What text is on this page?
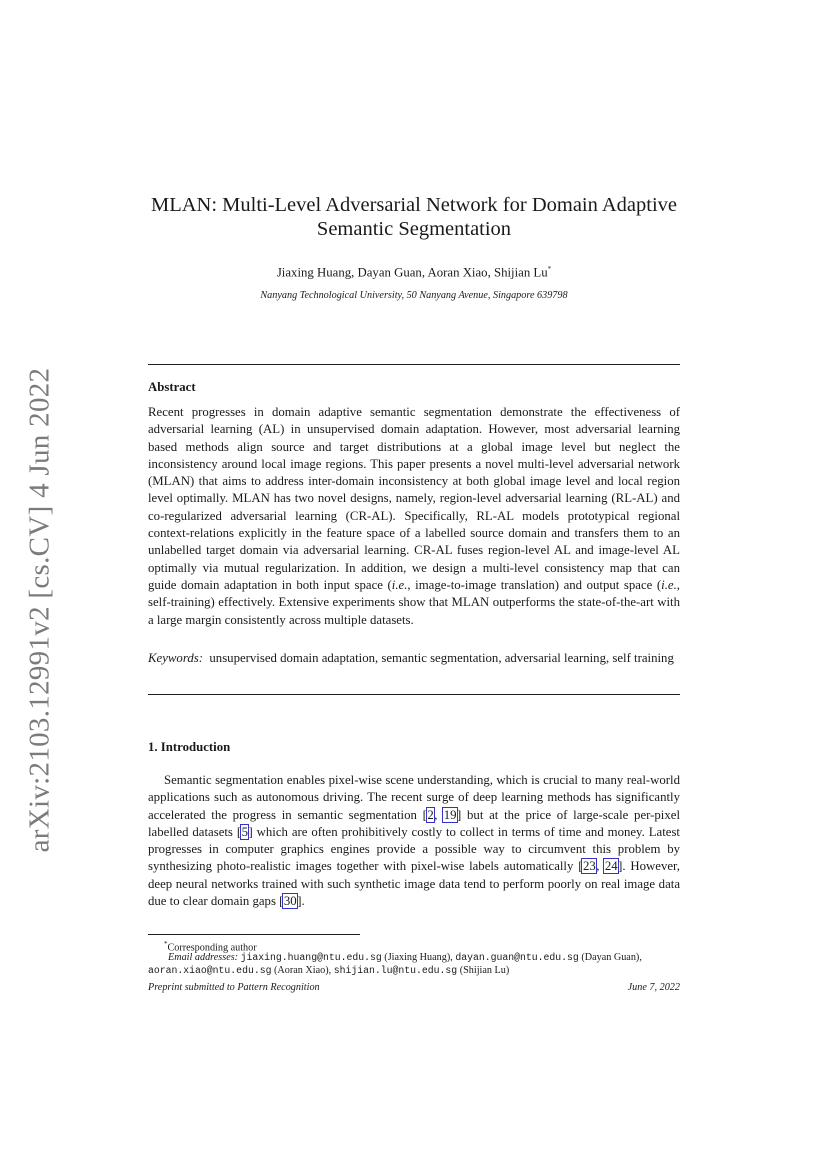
arXiv:2103.12991v2 [cs.CV] 4 Jun 2022
MLAN: Multi-Level Adversarial Network for Domain Adaptive
Semantic Segmentation
Jiaxing Huang, Dayan Guan, Aoran Xiao, Shijian Lu*
Nanyang Technological University, 50 Nanyang Avenue, Singapore 639798
Abstract
Recent progresses in domain adaptive semantic segmentation demonstrate the effectiveness of adversarial learning (AL) in unsupervised domain adaptation. However, most adversarial learning based methods align source and target distributions at a global image level but neglect the inconsistency around local image regions. This paper presents a novel multi-level adversarial network (MLAN) that aims to address inter-domain inconsistency at both global image level and local region level optimally. MLAN has two novel designs, namely, region-level adversarial learning (RL-AL) and co-regularized adversarial learning (CR-AL). Specifically, RL-AL models prototypical regional context-relations explicitly in the feature space of a labelled source domain and transfers them to an unlabelled target domain via adversarial learning. CR-AL fuses region-level AL and image-level AL optimally via mutual regularization. In addition, we design a multi-level consistency map that can guide domain adaptation in both input space (i.e., image-to-image translation) and output space (i.e., self-training) effectively. Extensive experiments show that MLAN outperforms the state-of-the-art with a large margin consistently across multiple datasets.
Keywords: unsupervised domain adaptation, semantic segmentation, adversarial learning, self training
1. Introduction
Semantic segmentation enables pixel-wise scene understanding, which is crucial to many real-world applications such as autonomous driving. The recent surge of deep learning methods has significantly accelerated the progress in semantic segmentation [2, 19] but at the price of large-scale per-pixel labelled datasets [5] which are often prohibitively costly to collect in terms of time and money. Latest progresses in computer graphics engines provide a possible way to circumvent this problem by synthesizing photo-realistic images together with pixel-wise labels automatically [23, 24]. However, deep neural networks trained with such synthetic image data tend to perform poorly on real image data due to clear domain gaps [30].
*Corresponding author
Email addresses: jiaxing.huang@ntu.edu.sg (Jiaxing Huang), dayan.guan@ntu.edu.sg (Dayan Guan), aoran.xiao@ntu.edu.sg (Aoran Xiao), shijian.lu@ntu.edu.sg (Shijian Lu)
Preprint submitted to Pattern Recognition	June 7, 2022
